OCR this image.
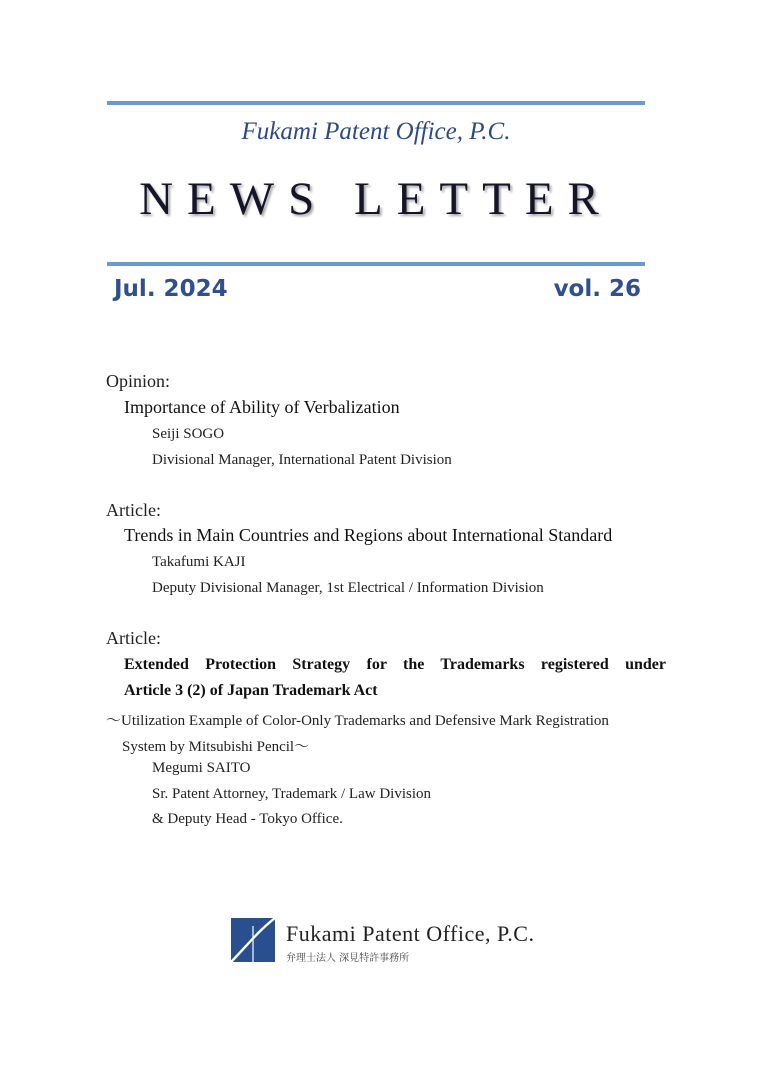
Fukami Patent Office, P.C.
NEWS LETTER
Jul. 2024	vol. 26
Opinion:
Importance of Ability of Verbalization
Seiji SOGO
Divisional Manager, International Patent Division
Article:
Trends in Main Countries and Regions about International Standard
Takafumi KAJI
Deputy Divisional Manager, 1st Electrical / Information Division
Article:
Extended Protection Strategy for the Trademarks registered under
Article 3 (2) of Japan Trademark Act
～Utilization Example of Color-Only Trademarks and Defensive Mark Registration
System by Mitsubishi Pencil～
Megumi SAITO
Sr. Patent Attorney, Trademark / Law Division
& Deputy Head - Tokyo Office.
Fukami Patent Office, P.C.
弁理士法人 深見特許事務所
